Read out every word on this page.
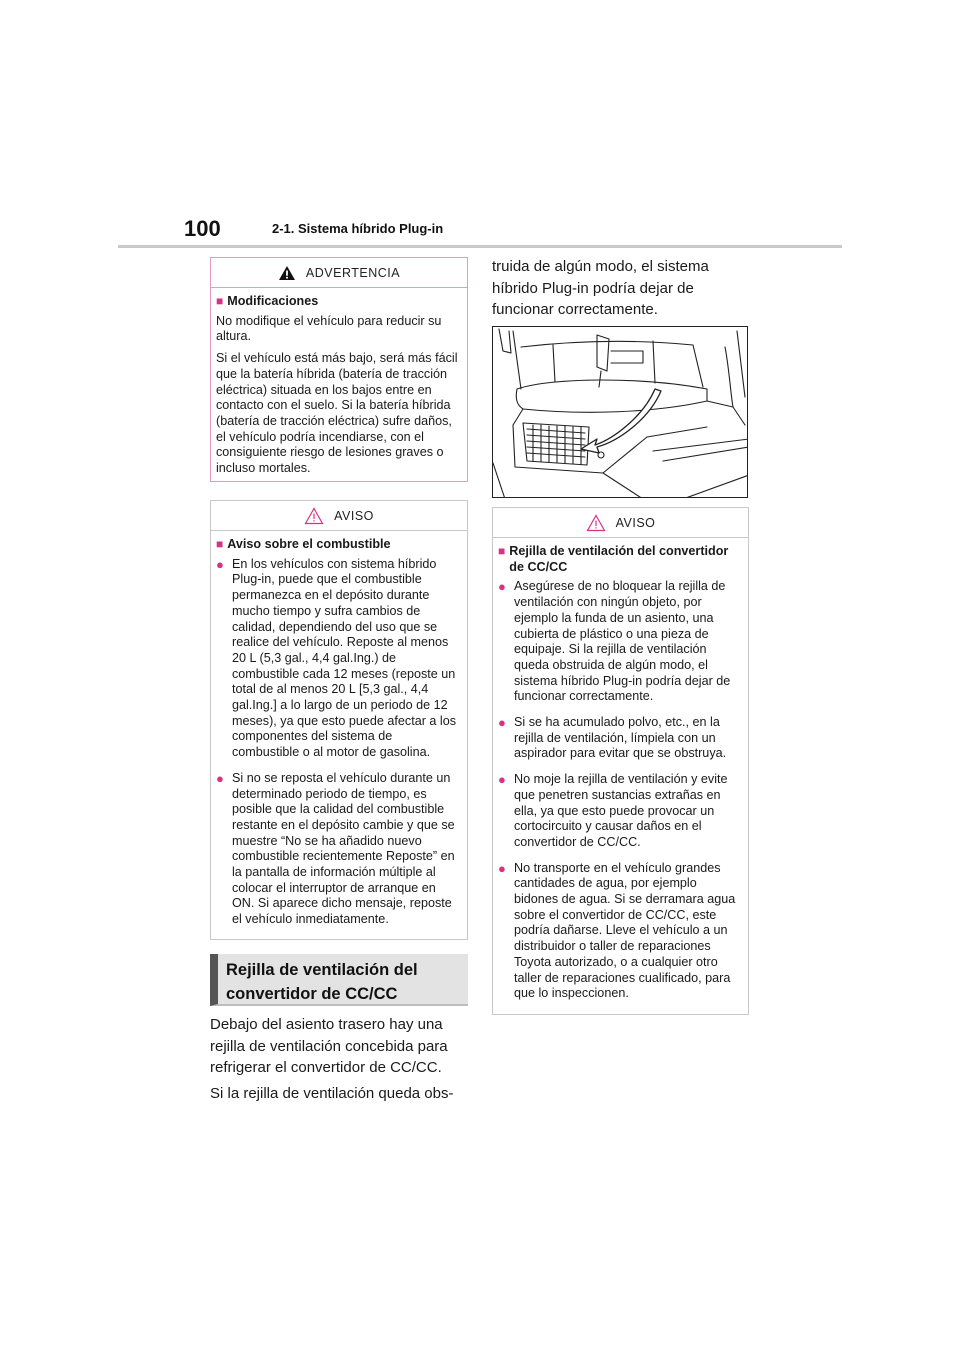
100	2-1. Sistema híbrido Plug-in
ADVERTENCIA
■ Modificaciones

No modifique el vehículo para reducir su altura.

Si el vehículo está más bajo, será más fácil que la batería híbrida (batería de tracción eléctrica) situada en los bajos entre en contacto con el suelo. Si la batería híbrida (batería de tracción eléctrica) sufre daños, el vehículo podría incendiarse, con el consiguiente riesgo de lesiones graves o incluso mortales.

AVISO
■ Aviso sobre el combustible
● En los vehículos con sistema híbrido Plug-in, puede que el combustible permanezca en el depósito durante mucho tiempo y sufra cambios de calidad, dependiendo del uso que se realice del vehículo. Reposte al menos 20 L (5,3 gal., 4,4 gal.Ing.) de combustible cada 12 meses (reposte un total de al menos 20 L [5,3 gal., 4,4 gal.Ing.] a lo largo de un periodo de 12 meses), ya que esto puede afectar a los componentes del sistema de combustible o al motor de gasolina.
● Si no se reposta el vehículo durante un determinado periodo de tiempo, es posible que la calidad del combustible restante en el depósito cambie y que se muestre “No se ha añadido nuevo combustible recientemente Reposte” en la pantalla de información múltiple al colocar el interruptor de arranque en ON. Si aparece dicho mensaje, reposte el vehículo inmediatamente.
Rejilla de ventilación del convertidor de CC/CC

Debajo del asiento trasero hay una rejilla de ventilación concebida para refrigerar el convertidor de CC/CC.

Si la rejilla de ventilación queda obs-

truida de algún modo, el sistema híbrido Plug-in podría dejar de funcionar correctamente.

AVISO
■ Rejilla de ventilación del convertidor de CC/CC
● Asegúrese de no bloquear la rejilla de ventilación con ningún objeto, por ejemplo la funda de un asiento, una cubierta de plástico o una pieza de equipaje. Si la rejilla de ventilación queda obstruida de algún modo, el sistema híbrido Plug-in podría dejar de funcionar correctamente.
● Si se ha acumulado polvo, etc., en la rejilla de ventilación, límpiela con un aspirador para evitar que se obstruya.
● No moje la rejilla de ventilación y evite que penetren sustancias extrañas en ella, ya que esto puede provocar un cortocircuito y causar daños en el convertidor de CC/CC.
● No transporte en el vehículo grandes cantidades de agua, por ejemplo bidones de agua. Si se derramara agua sobre el convertidor de CC/CC, este podría dañarse. Lleve el vehículo a un distribuidor o taller de reparaciones Toyota autorizado, o a cualquier otro taller de reparaciones cualificado, para que lo inspeccionen.
